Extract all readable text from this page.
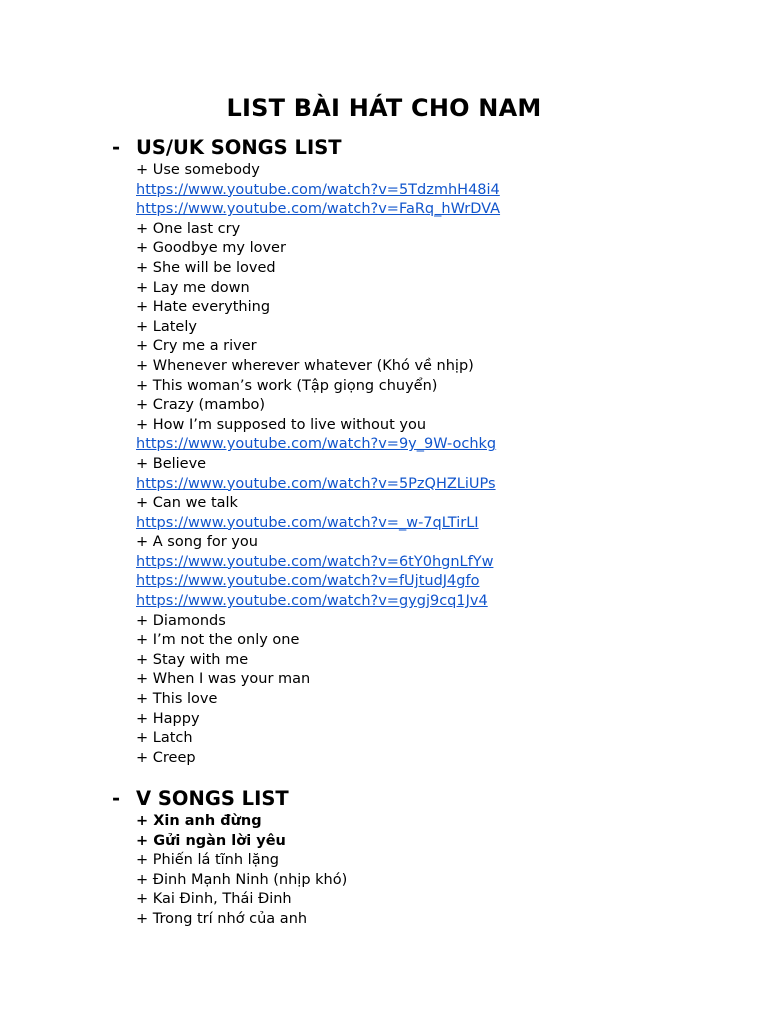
LIST BÀI HÁT CHO NAM
- US/UK SONGS LIST
+ Use somebody
https://www.youtube.com/watch?v=5TdzmhH48i4
https://www.youtube.com/watch?v=FaRq_hWrDVA
+ One last cry
+ Goodbye my lover
+ She will be loved
+ Lay me down
+ Hate everything
+ Lately
+ Cry me a river
+ Whenever wherever whatever (Khó về nhịp)
+ This woman’s work (Tập giọng chuyển)
+ Crazy (mambo)
+ How I’m supposed to live without you
https://www.youtube.com/watch?v=9y_9W-ochkg
+ Believe
https://www.youtube.com/watch?v=5PzQHZLiUPs
+ Can we talk
https://www.youtube.com/watch?v=_w-7qLTirLI
+ A song for you
https://www.youtube.com/watch?v=6tY0hgnLfYw
https://www.youtube.com/watch?v=fUjtudJ4gfo
https://www.youtube.com/watch?v=gygj9cq1Jv4
+ Diamonds
+ I’m not the only one
+ Stay with me
+ When I was your man
+ This love
+ Happy
+ Latch
+ Creep
- V SONGS LIST
+ Xin anh đừng
+ Gửi ngàn lời yêu
+ Phiến lá tĩnh lặng
+ Đinh Mạnh Ninh (nhịp khó)
+ Kai Đinh, Thái Đinh
+ Trong trí nhớ của anh
